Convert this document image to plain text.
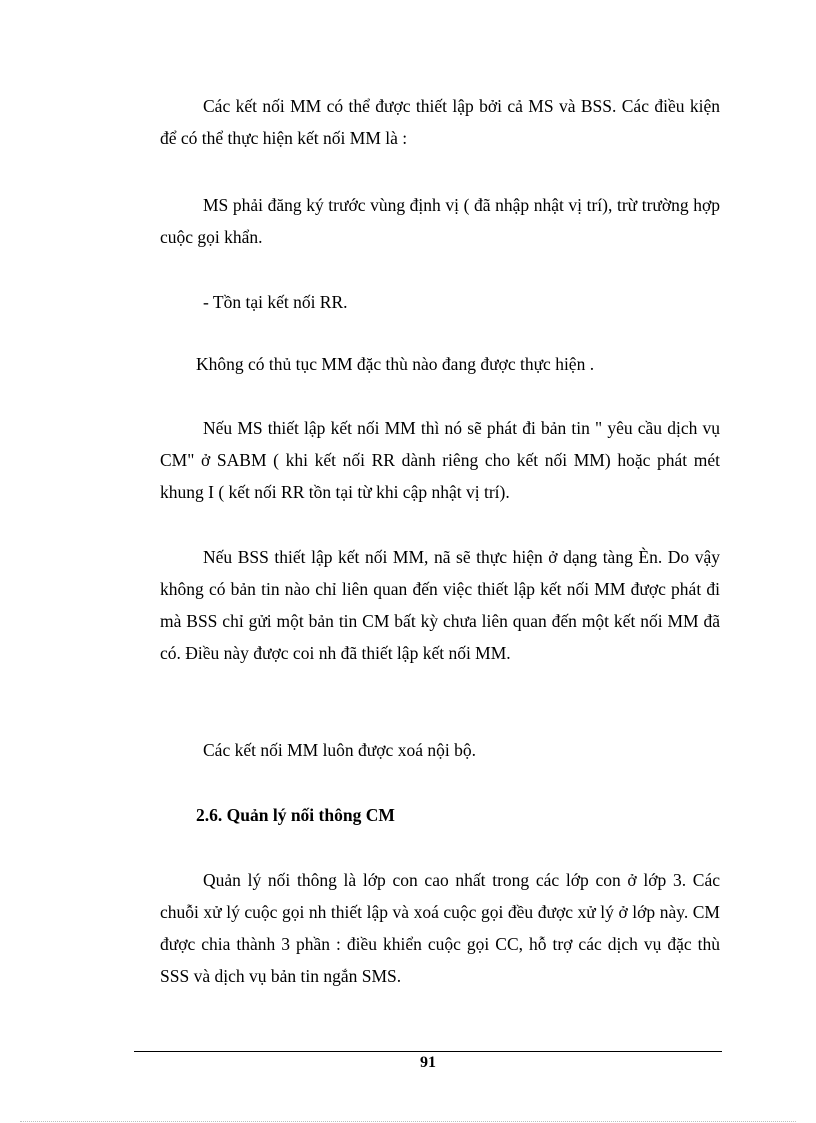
Các kết nối MM có thể được thiết lập bởi cả MS và BSS. Các điều kiện để có thể thực hiện kết nối MM là :

MS phải đăng ký trước vùng định vị ( đã nhập nhật vị trí), trừ trường hợp cuộc gọi khẩn.

- Tồn tại kết nối RR.

Không có thủ tục MM đặc thù nào đang được thực hiện .

Nếu MS thiết lập kết nối MM thì nó sẽ phát đi bản tin " yêu cầu dịch vụ CM" ở SABM ( khi kết nối RR dành riêng cho kết nối MM) hoặc phát mét khung I ( kết nối RR tồn tại từ khi cập nhật vị trí).

Nếu BSS thiết lập kết nối MM, nã sẽ thực hiện ở dạng tàng Èn. Do vậy không có bản tin nào chỉ liên quan đến việc thiết lập kết nối MM được phát đi mà BSS chỉ gửi một bản tin CM bất kỳ chưa liên quan đến một kết nối MM đã có. Điều này được coi nh đã thiết lập kết nối MM.

Các kết nối MM luôn được xoá nội bộ.

2.6. Quản lý nối thông CM

Quản lý nối thông là lớp con cao nhất trong các lớp con ở lớp 3. Các chuỗi xử lý cuộc gọi nh thiết lập và xoá cuộc gọi đều được xử lý ở lớp này. CM được chia thành 3 phần : điều khiển cuộc gọi CC, hỗ trợ các dịch vụ đặc thù SSS và dịch vụ bản tin ngắn SMS.

91
